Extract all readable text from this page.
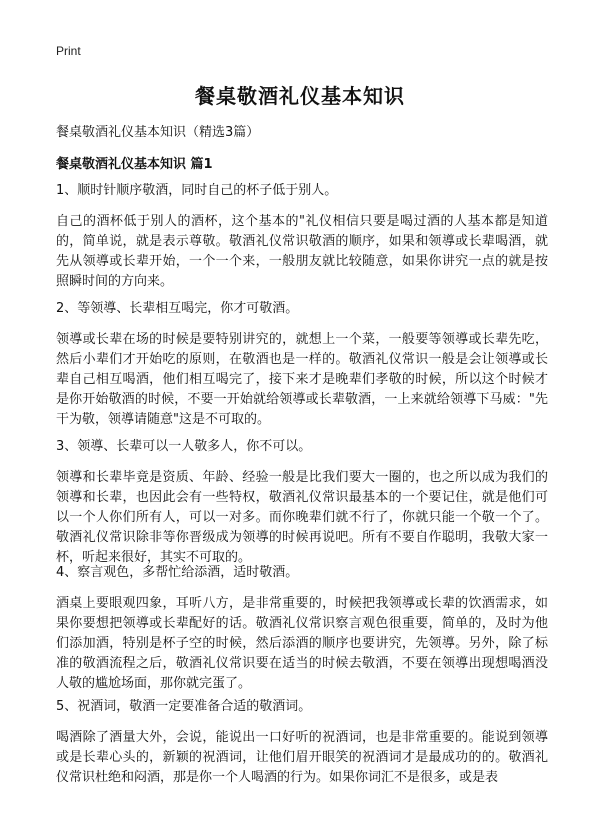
Print
餐桌敬酒礼仪基本知识
餐桌敬酒礼仪基本知识（精选3篇）
餐桌敬酒礼仪基本知识 篇1

1、顺时针顺序敬酒，同时自己的杯子低于别人。

自己的酒杯低于别人的酒杯，这个基本的"礼仪相信只要是喝过酒的人基本都是知道的，简单说，就是表示尊敬。敬酒礼仪常识敬酒的顺序，如果和领導或长辈喝酒，就先从领導或长辈开始，一个一个来，一般朋友就比较随意，如果你讲究一点的就是按照瞬时间的方向来。

2、等领導、长辈相互喝完，你才可敬酒。

领導或长辈在场的时候是要特别讲究的，就想上一个菜，一般要等领導或长辈先吃，然后小辈们才开始吃的原则，在敬酒也是一样的。敬酒礼仪常识一般是会让领導或长辈自己相互喝酒，他们相互喝完了，接下来才是晚辈们孝敬的时候，所以这个时候才是你开始敬酒的时候，不要一开始就给领導或长辈敬酒，一上来就给领導下马威："先干为敬，领導请随意"这是不可取的。

3、领導、长辈可以一人敬多人，你不可以。

领導和长辈毕竟是资质、年龄、经验一般是比我们要大一圈的，也之所以成为我们的领導和长辈，也因此会有一些特权，敬酒礼仪常识最基本的一个要记住，就是他们可以一个人你们所有人，可以一对多。而你晚辈们就不行了，你就只能一个敬一个了。敬酒礼仪常识除非等你晋级成为领導的时候再说吧。所有不要自作聪明，我敬大家一杯，听起来很好，其实不可取的。

4、察言观色，多帮忙给添酒，适时敬酒。

酒桌上要眼观四象，耳听八方，是非常重要的，时候把我领導或长辈的饮酒需求，如果你要想把领導或长辈配好的话。敬酒礼仪常识察言观色很重要，简单的，及时为他们添加酒，特别是杯子空的时候，然后添酒的顺序也要讲究，先领導。另外，除了标准的敬酒流程之后，敬酒礼仪常识要在适当的时候去敬酒，不要在领導出现想喝酒没人敬的尴尬场面，那你就完蛋了。

5、祝酒词，敬酒一定要准备合适的敬酒词。

喝酒除了酒量大外，会说，能说出一口好听的祝酒词，也是非常重要的。能说到领導或是长辈心头的，新颖的祝酒词，让他们眉开眼笑的祝酒词才是最成功的的。敬酒礼仪常识杜绝和闷酒，那是你一个人喝酒的行为。如果你词汇不是很多，或是表
